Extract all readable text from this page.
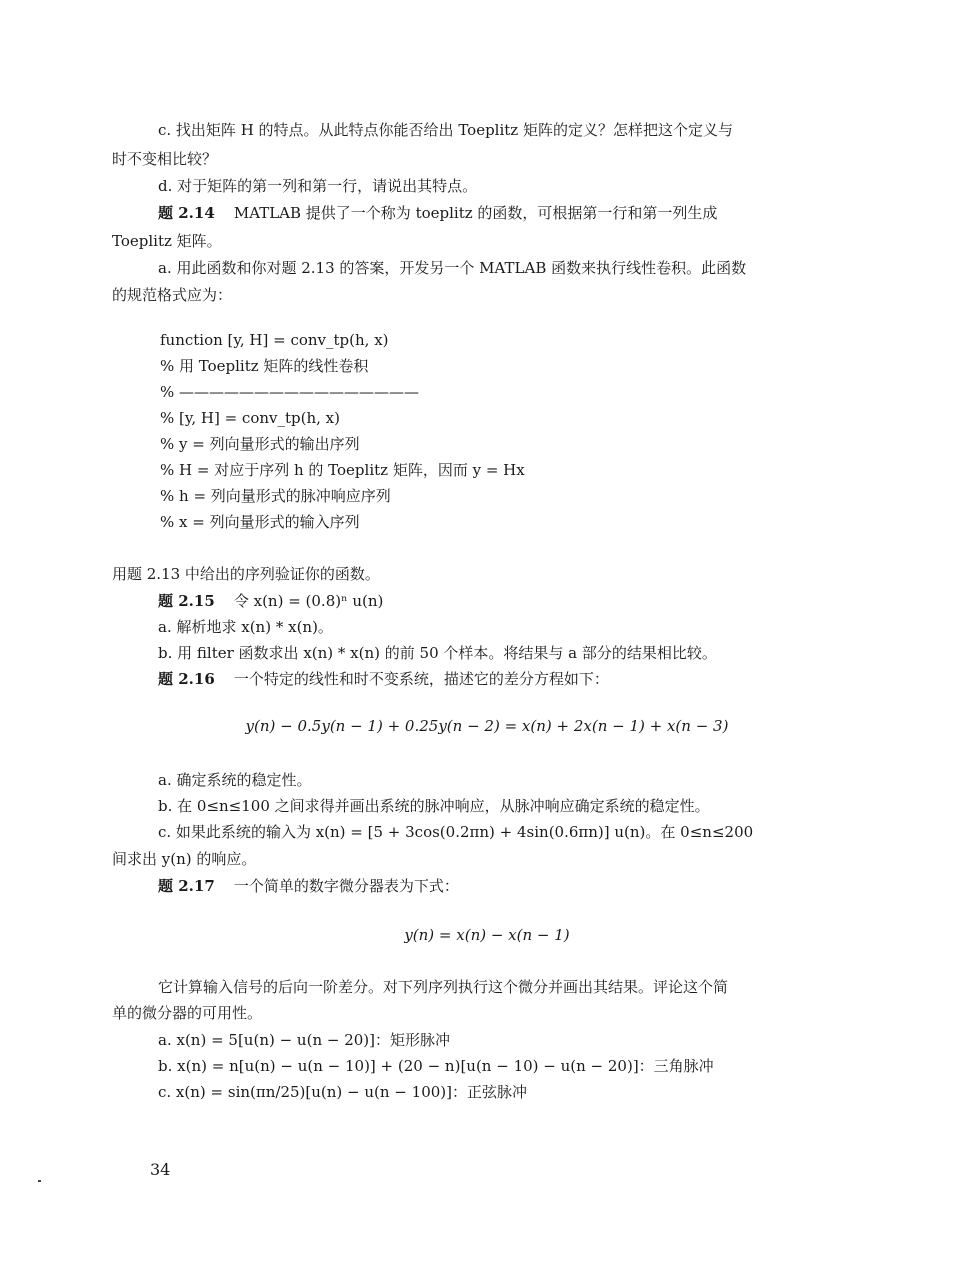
c. 找出矩阵 H 的特点。从此特点你能否给出 Toeplitz 矩阵的定义？怎样把这个定义与
时不变相比较？
d. 对于矩阵的第一列和第一行，请说出其特点。
题 2.14 MATLAB 提供了一个称为 toeplitz 的函数，可根据第一行和第一列生成
Toeplitz 矩阵。
a. 用此函数和你对题 2.13 的答案，开发另一个 MATLAB 函数来执行线性卷积。此函数
的规范格式应为：
function [y, H] = conv_tp(h, x)
% 用 Toeplitz 矩阵的线性卷积
% ————————————————
% [y, H] = conv_tp(h, x)
% y = 列向量形式的输出序列
% H = 对应于序列 h 的 Toeplitz 矩阵，因而 y = Hx
% h = 列向量形式的脉冲响应序列
% x = 列向量形式的输入序列
用题 2.13 中给出的序列验证你的函数。
题 2.15 令 x(n) = (0.8)ⁿ u(n)
a. 解析地求 x(n) * x(n)。
b. 用 filter 函数求出 x(n) * x(n) 的前 50 个样本。将结果与 a 部分的结果相比较。
题 2.16 一个特定的线性和时不变系统，描述它的差分方程如下：
y(n) − 0.5y(n − 1) + 0.25y(n − 2) = x(n) + 2x(n − 1) + x(n − 3)
a. 确定系统的稳定性。
b. 在 0≤n≤100 之间求得并画出系统的脉冲响应，从脉冲响应确定系统的稳定性。
c. 如果此系统的输入为 x(n) = [5 + 3cos(0.2πn) + 4sin(0.6πn)] u(n)。在 0≤n≤200
间求出 y(n) 的响应。
题 2.17 一个简单的数字微分器表为下式：
y(n) = x(n) − x(n − 1)
它计算输入信号的后向一阶差分。对下列序列执行这个微分并画出其结果。评论这个简
单的微分器的可用性。
a. x(n) = 5[u(n) − u(n − 20)]：矩形脉冲
b. x(n) = n[u(n) − u(n − 10)] + (20 − n)[u(n − 10) − u(n − 20)]：三角脉冲
c. x(n) = sin(πn/25)[u(n) − u(n − 100)]：正弦脉冲
34
